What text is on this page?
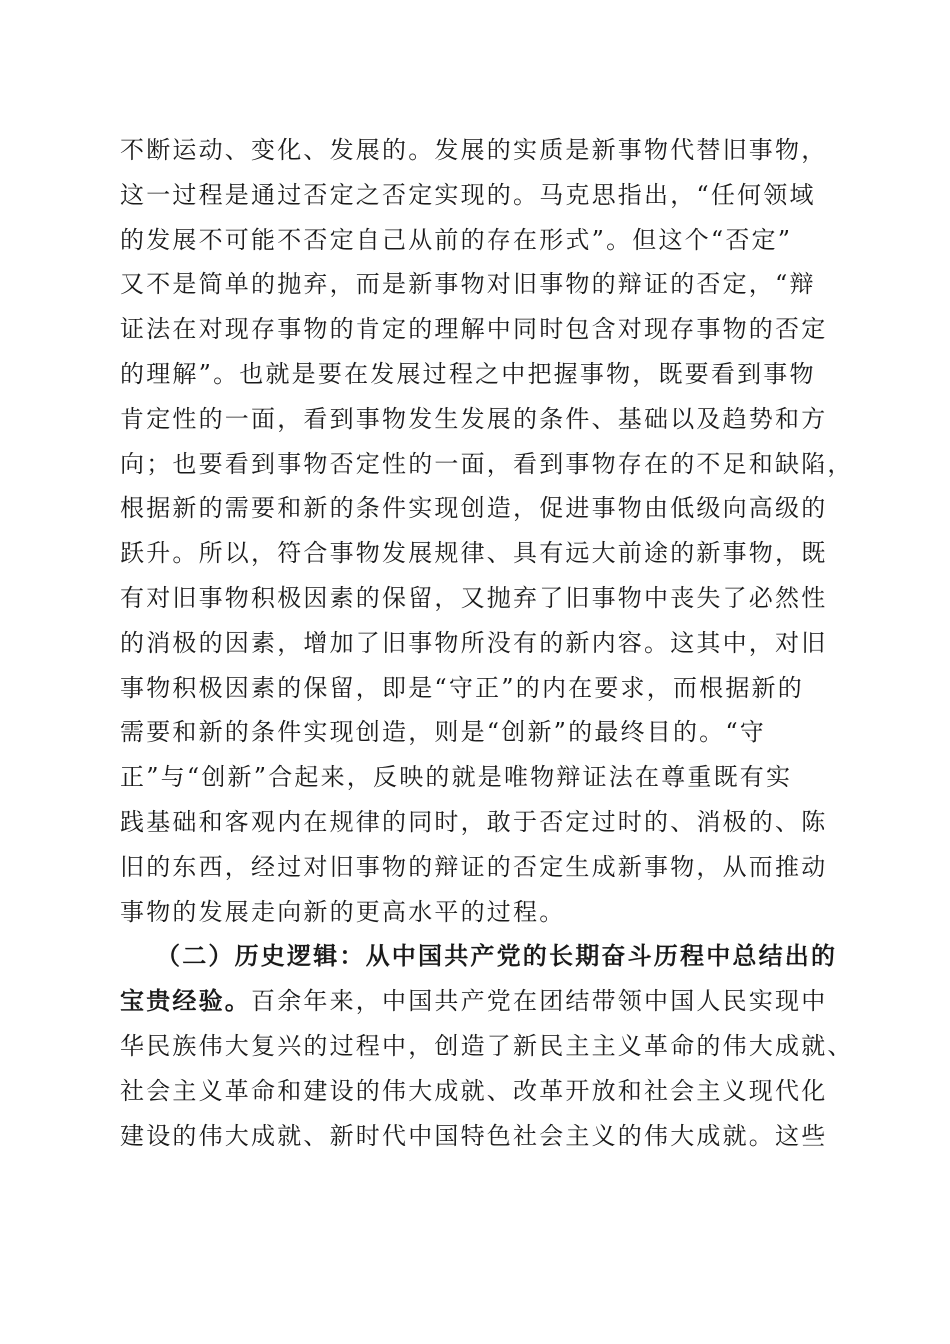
不断运动、变化、发展的。发展的实质是新事物代替旧事物，
这一过程是通过否定之否定实现的。马克思指出，“任何领域
的发展不可能不否定自己从前的存在形式”。但这个“否定”
又不是简单的抛弃，而是新事物对旧事物的辩证的否定，“辩
证法在对现存事物的肯定的理解中同时包含对现存事物的否定
的理解”。也就是要在发展过程之中把握事物，既要看到事物
肯定性的一面，看到事物发生发展的条件、基础以及趋势和方
向；也要看到事物否定性的一面，看到事物存在的不足和缺陷，
根据新的需要和新的条件实现创造，促进事物由低级向高级的
跃升。所以，符合事物发展规律、具有远大前途的新事物，既
有对旧事物积极因素的保留，又抛弃了旧事物中丧失了必然性
的消极的因素，增加了旧事物所没有的新内容。这其中，对旧
事物积极因素的保留，即是“守正”的内在要求，而根据新的
需要和新的条件实现创造，则是“创新”的最终目的。“守
正”与“创新”合起来，反映的就是唯物辩证法在尊重既有实
践基础和客观内在规律的同时，敢于否定过时的、消极的、陈
旧的东西，经过对旧事物的辩证的否定生成新事物，从而推动
事物的发展走向新的更高水平的过程。
（二）历史逻辑：从中国共产党的长期奋斗历程中总结出的
宝贵经验。百余年来，中国共产党在团结带领中国人民实现中
华民族伟大复兴的过程中，创造了新民主主义革命的伟大成就、
社会主义革命和建设的伟大成就、改革开放和社会主义现代化
建设的伟大成就、新时代中国特色社会主义的伟大成就。这些
